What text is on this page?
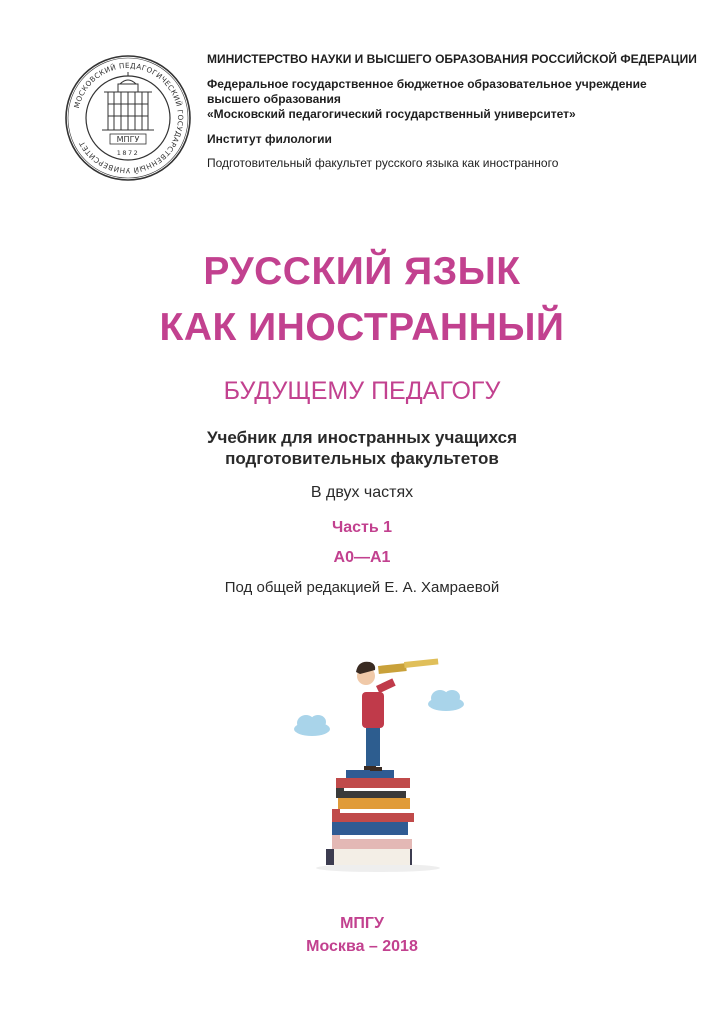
МОСКОВСКИЙ ПЕДАГОГИЧЕСКИЙ ГОСУДАРСТВЕННЫЙ УНИВЕРСИТЕТ	МПГУ
1872
МИНИСТЕРСТВО НАУКИ И ВЫСШЕГО ОБРАЗОВАНИЯ РОССИЙСКОЙ ФЕДЕРАЦИИ
Федеральное государственное бюджетное образовательное учреждение
высшего образования
«Московский педагогический государственный университет»
Институт филологии
Подготовительный факультет русского языка как иностранного
РУССКИЙ ЯЗЫК
КАК ИНОСТРАННЫЙ
БУДУЩЕМУ ПЕДАГОГУ
Учебник для иностранных учащихся
подготовительных факультетов
В двух частях
Часть 1
А0—А1
Под общей редакцией Е. А. Хамраевой
МПГУ
Москва – 2018
